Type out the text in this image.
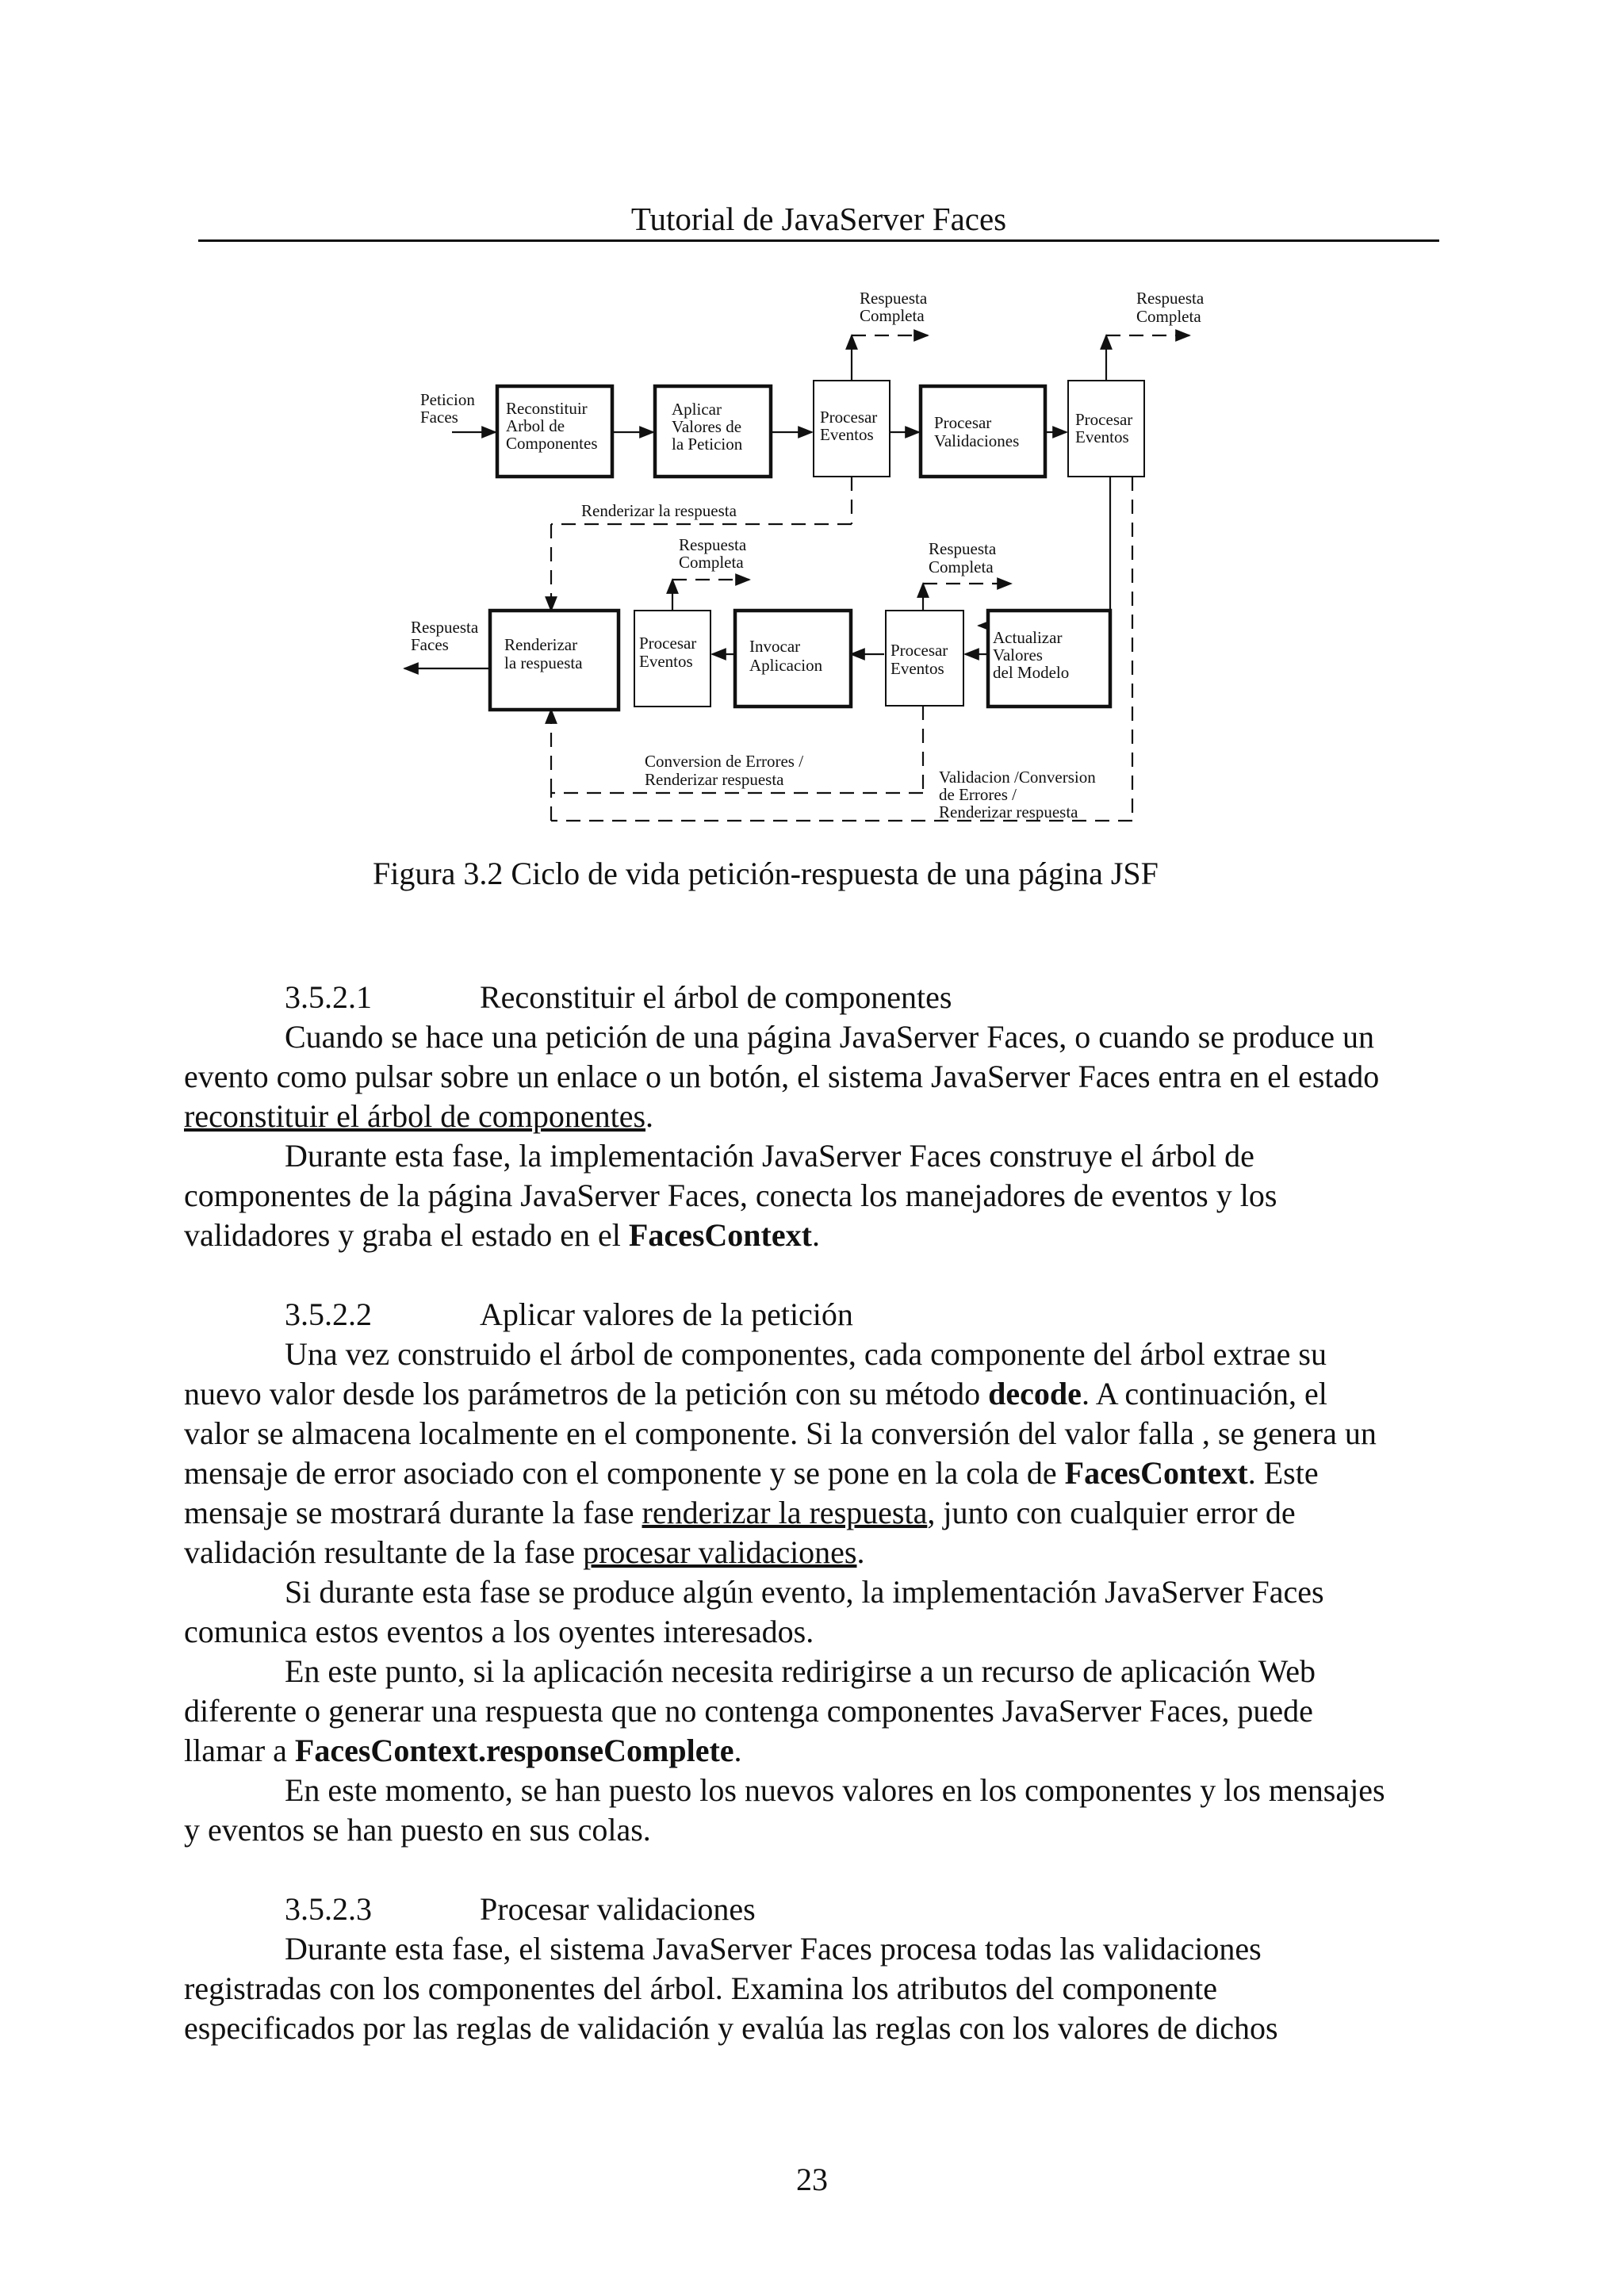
Tutorial de JavaServer Faces
Reconstituir Arbol de Componentes
Aplicar Valores de la Peticion
Procesar Eventos
Procesar Validaciones
Procesar Eventos
Renderizar la respuesta
Procesar Eventos
Invocar Aplicacion
Procesar Eventos
Actualizar Valores del Modelo
Peticion Faces
Respuesta Faces
Respuesta Completa
Respuesta Completa
Respuesta Completa
Respuesta Completa
Renderizar la respuesta
Conversion de Errores / Renderizar respuesta	Validacion /Conversion de Errores / Renderizar respuesta
Figura 3.2 Ciclo de vida petición-respuesta de una página JSF
3.5.2.1	Reconstituir el árbol de componentes
Cuando se hace una petición de una página JavaServer Faces, o cuando se produce un
evento como pulsar sobre un enlace o un botón, el sistema JavaServer Faces entra en el estado
reconstituir el árbol de componentes.
Durante esta fase, la implementación JavaServer Faces construye el árbol de
componentes de la página JavaServer Faces, conecta los manejadores de eventos y los
validadores y graba el estado en el FacesContext.
3.5.2.2	Aplicar valores de la petición
Una vez construido el árbol de componentes, cada componente del árbol extrae su
nuevo valor desde los parámetros de la petición con su método decode. A continuación, el
valor se almacena localmente en el componente. Si la conversión del valor falla , se genera un
mensaje de error asociado con el componente y se pone en la cola de FacesContext. Este
mensaje se mostrará durante la fase renderizar la respuesta, junto con cualquier error de
validación resultante de la fase procesar validaciones.
Si durante esta fase se produce algún evento, la implementación JavaServer Faces
comunica estos eventos a los oyentes interesados.
En este punto, si la aplicación necesita redirigirse a un recurso de aplicación Web
diferente o generar una respuesta que no contenga componentes JavaServer Faces, puede
llamar a FacesContext.responseComplete.
En este momento, se han puesto los nuevos valores en los componentes y los mensajes
y eventos se han puesto en sus colas.
3.5.2.3	Procesar validaciones
Durante esta fase, el sistema JavaServer Faces procesa todas las validaciones
registradas con los componentes del árbol. Examina los atributos del componente
especificados por las reglas de validación y evalúa las reglas con los valores de dichos
23
